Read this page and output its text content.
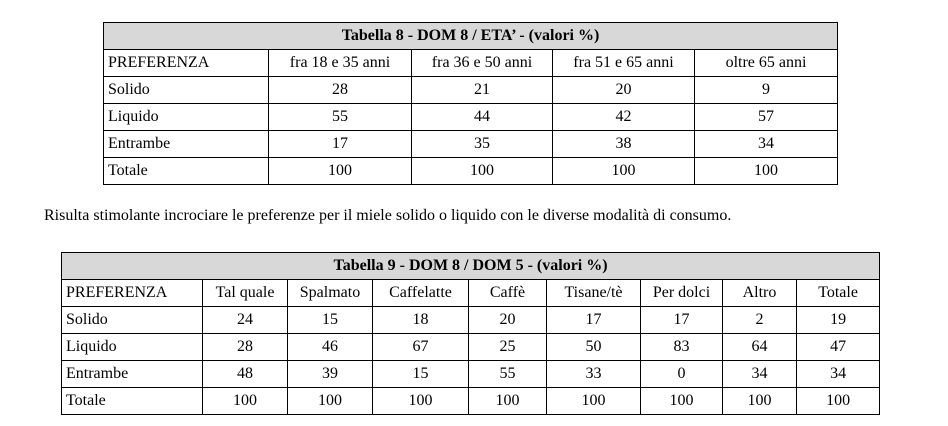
Tabella 8 - DOM 8 / ETA’ - (valori %)				
PREFERENZA	fra 18 e 35 anni	fra 36 e 50 anni	fra 51 e 65 anni	oltre 65 anni
Solido	28	21	20	9
Liquido	55	44	42	57
Entrambe	17	35	38	34
Totale	100	100	100	100

Risulta stimolante incrociare le preferenze per il miele solido o liquido con le diverse modalità di consumo.

Tabella 9 - DOM 8 / DOM 5 - (valori %)								
PREFERENZA	Tal quale	Spalmato	Caffelatte	Caffè	Tisane/tè	Per dolci	Altro	Totale
Solido	24	15	18	20	17	17	2	19
Liquido	28	46	67	25	50	83	64	47
Entrambe	48	39	15	55	33	0	34	34
Totale	100	100	100	100	100	100	100	100
